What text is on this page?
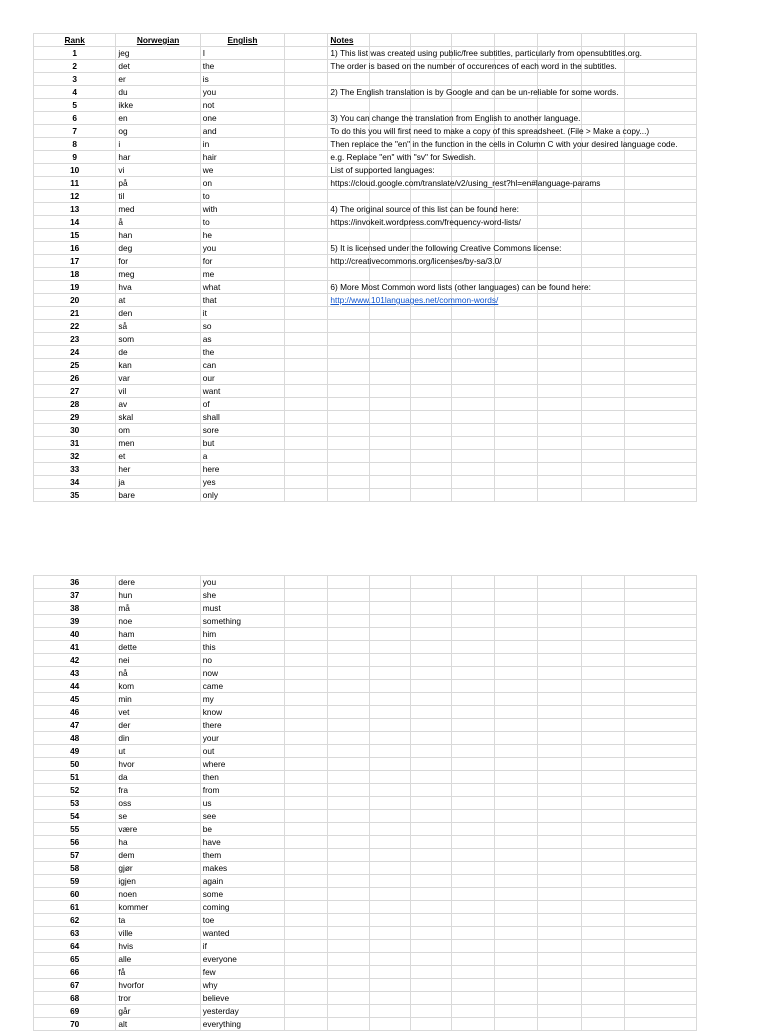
Rank	Norwegian	English		Notes							
1	jeg	I		1) This list was created using public/free subtitles, particularly from opensubtitles.org.							
2	det	the		The order is based on the number of occurences of each word in the subtitles.							
3	er	is									
4	du	you		2) The English translation is by Google and can be un-reliable for some words.							
5	ikke	not									
6	en	one		3) You can change the translation from English to another language.							
7	og	and		To do this you will first need to make a copy of this spreadsheet. (File > Make a copy...)							
8	i	in		Then replace the "en" in the function in the cells in Column C with your desired language code.							
9	har	hair		e.g. Replace "en" with "sv" for Swedish.							
10	vi	we		List of supported languages:							
11	på	on		https://cloud.google.com/translate/v2/using_rest?hl=en#language-params							
12	til	to									
13	med	with		4) The original source of this list can be found here:							
14	å	to		https://invokeit.wordpress.com/frequency-word-lists/							
15	han	he									
16	deg	you		5) It is licensed under the following Creative Commons license:							
17	for	for		http://creativecommons.org/licenses/by-sa/3.0/							
18	meg	me									
19	hva	what		6) More Most Common word lists (other languages) can be found here:							
20	at	that		http://www.101languages.net/common-words/							
21	den	it									
22	så	so									
23	som	as									
24	de	the									
25	kan	can									
26	var	our									
27	vil	want									
28	av	of									
29	skal	shall									
30	om	sore									
31	men	but									
32	et	a									
33	her	here									
34	ja	yes									
35	bare	only									
36	dere	you									
37	hun	she									
38	må	must									
39	noe	something									
40	ham	him									
41	dette	this									
42	nei	no									
43	nå	now									
44	kom	came									
45	min	my									
46	vet	know									
47	der	there									
48	din	your									
49	ut	out									
50	hvor	where									
51	da	then									
52	fra	from									
53	oss	us									
54	se	see									
55	være	be									
56	ha	have									
57	dem	them									
58	gjør	makes									
59	igjen	again									
60	noen	some									
61	kommer	coming									
62	ta	toe									
63	ville	wanted									
64	hvis	if									
65	alle	everyone									
66	få	few									
67	hvorfor	why									
68	tror	believe									
69	går	yesterday									
70	alt	everything									
